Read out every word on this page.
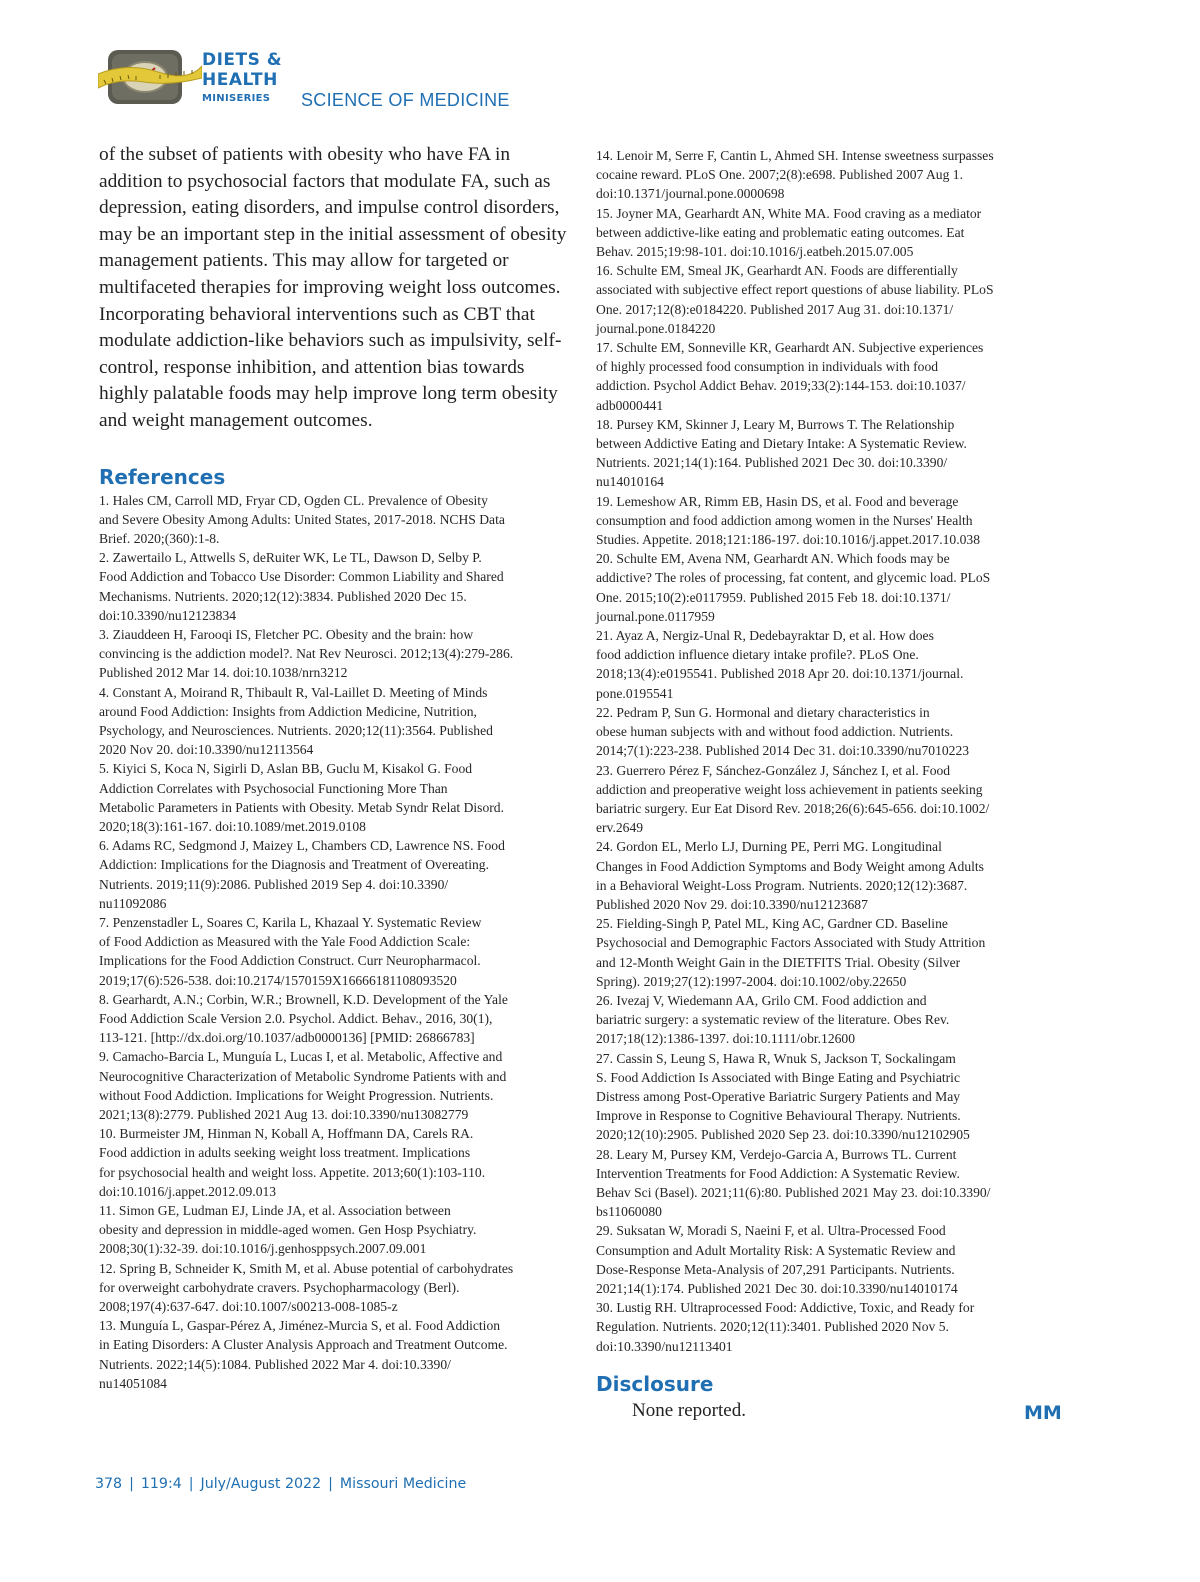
DIETS &
HEALTH
MINISERIES SCIENCE OF MEDICINE

of the subset of patients with obesity who have FA in addition to psychosocial factors that modulate FA, such as depression, eating disorders, and impulse control disorders, may be an important step in the initial assessment of obesity management patients. This may allow for targeted or multifaceted therapies for improving weight loss outcomes. Incorporating behavioral interventions such as CBT that modulate addiction-like behaviors such as impulsivity, self-control, response inhibition, and attention bias towards highly palatable foods may help improve long term obesity and weight management outcomes.

References
1. Hales CM, Carroll MD, Fryar CD, Ogden CL. Prevalence of Obesity
and Severe Obesity Among Adults: United States, 2017-2018. NCHS Data
Brief. 2020;(360):1-8.
2. Zawertailo L, Attwells S, deRuiter WK, Le TL, Dawson D, Selby P.
Food Addiction and Tobacco Use Disorder: Common Liability and Shared
Mechanisms. Nutrients. 2020;12(12):3834. Published 2020 Dec 15.
doi:10.3390/nu12123834
3. Ziauddeen H, Farooqi IS, Fletcher PC. Obesity and the brain: how
convincing is the addiction model?. Nat Rev Neurosci. 2012;13(4):279-286.
Published 2012 Mar 14. doi:10.1038/nrn3212
4. Constant A, Moirand R, Thibault R, Val-Laillet D. Meeting of Minds
around Food Addiction: Insights from Addiction Medicine, Nutrition,
Psychology, and Neurosciences. Nutrients. 2020;12(11):3564. Published
2020 Nov 20. doi:10.3390/nu12113564
5. Kiyici S, Koca N, Sigirli D, Aslan BB, Guclu M, Kisakol G. Food
Addiction Correlates with Psychosocial Functioning More Than
Metabolic Parameters in Patients with Obesity. Metab Syndr Relat Disord.
2020;18(3):161-167. doi:10.1089/met.2019.0108
6. Adams RC, Sedgmond J, Maizey L, Chambers CD, Lawrence NS. Food
Addiction: Implications for the Diagnosis and Treatment of Overeating.
Nutrients. 2019;11(9):2086. Published 2019 Sep 4. doi:10.3390/
nu11092086
7. Penzenstadler L, Soares C, Karila L, Khazaal Y. Systematic Review
of Food Addiction as Measured with the Yale Food Addiction Scale:
Implications for the Food Addiction Construct. Curr Neuropharmacol.
2019;17(6):526-538. doi:10.2174/1570159X16666181108093520
8. Gearhardt, A.N.; Corbin, W.R.; Brownell, K.D. Development of the Yale
Food Addiction Scale Version 2.0. Psychol. Addict. Behav., 2016, 30(1),
113-121. [http://dx.doi.org/10.1037/adb0000136] [PMID: 26866783]
9. Camacho-Barcia L, Munguía L, Lucas I, et al. Metabolic, Affective and
Neurocognitive Characterization of Metabolic Syndrome Patients with and
without Food Addiction. Implications for Weight Progression. Nutrients.
2021;13(8):2779. Published 2021 Aug 13. doi:10.3390/nu13082779
10. Burmeister JM, Hinman N, Koball A, Hoffmann DA, Carels RA.
Food addiction in adults seeking weight loss treatment. Implications
for psychosocial health and weight loss. Appetite. 2013;60(1):103-110.
doi:10.1016/j.appet.2012.09.013
11. Simon GE, Ludman EJ, Linde JA, et al. Association between
obesity and depression in middle-aged women. Gen Hosp Psychiatry.
2008;30(1):32-39. doi:10.1016/j.genhosppsych.2007.09.001
12. Spring B, Schneider K, Smith M, et al. Abuse potential of carbohydrates
for overweight carbohydrate cravers. Psychopharmacology (Berl).
2008;197(4):637-647. doi:10.1007/s00213-008-1085-z
13. Munguía L, Gaspar-Pérez A, Jiménez-Murcia S, et al. Food Addiction
in Eating Disorders: A Cluster Analysis Approach and Treatment Outcome.
Nutrients. 2022;14(5):1084. Published 2022 Mar 4. doi:10.3390/
nu14051084
14. Lenoir M, Serre F, Cantin L, Ahmed SH. Intense sweetness surpasses
cocaine reward. PLoS One. 2007;2(8):e698. Published 2007 Aug 1.
doi:10.1371/journal.pone.0000698
15. Joyner MA, Gearhardt AN, White MA. Food craving as a mediator
between addictive-like eating and problematic eating outcomes. Eat
Behav. 2015;19:98-101. doi:10.1016/j.eatbeh.2015.07.005
16. Schulte EM, Smeal JK, Gearhardt AN. Foods are differentially
associated with subjective effect report questions of abuse liability. PLoS
One. 2017;12(8):e0184220. Published 2017 Aug 31. doi:10.1371/
journal.pone.0184220
17. Schulte EM, Sonneville KR, Gearhardt AN. Subjective experiences
of highly processed food consumption in individuals with food
addiction. Psychol Addict Behav. 2019;33(2):144-153. doi:10.1037/
adb0000441
18. Pursey KM, Skinner J, Leary M, Burrows T. The Relationship
between Addictive Eating and Dietary Intake: A Systematic Review.
Nutrients. 2021;14(1):164. Published 2021 Dec 30. doi:10.3390/
nu14010164
19. Lemeshow AR, Rimm EB, Hasin DS, et al. Food and beverage
consumption and food addiction among women in the Nurses' Health
Studies. Appetite. 2018;121:186-197. doi:10.1016/j.appet.2017.10.038
20. Schulte EM, Avena NM, Gearhardt AN. Which foods may be
addictive? The roles of processing, fat content, and glycemic load. PLoS
One. 2015;10(2):e0117959. Published 2015 Feb 18. doi:10.1371/
journal.pone.0117959
21. Ayaz A, Nergiz-Unal R, Dedebayraktar D, et al. How does
food addiction influence dietary intake profile?. PLoS One.
2018;13(4):e0195541. Published 2018 Apr 20. doi:10.1371/journal.
pone.0195541
22. Pedram P, Sun G. Hormonal and dietary characteristics in
obese human subjects with and without food addiction. Nutrients.
2014;7(1):223-238. Published 2014 Dec 31. doi:10.3390/nu7010223
23. Guerrero Pérez F, Sánchez-González J, Sánchez I, et al. Food
addiction and preoperative weight loss achievement in patients seeking
bariatric surgery. Eur Eat Disord Rev. 2018;26(6):645-656. doi:10.1002/
erv.2649
24. Gordon EL, Merlo LJ, Durning PE, Perri MG. Longitudinal
Changes in Food Addiction Symptoms and Body Weight among Adults
in a Behavioral Weight-Loss Program. Nutrients. 2020;12(12):3687.
Published 2020 Nov 29. doi:10.3390/nu12123687
25. Fielding-Singh P, Patel ML, King AC, Gardner CD. Baseline
Psychosocial and Demographic Factors Associated with Study Attrition
and 12-Month Weight Gain in the DIETFITS Trial. Obesity (Silver
Spring). 2019;27(12):1997-2004. doi:10.1002/oby.22650
26. Ivezaj V, Wiedemann AA, Grilo CM. Food addiction and
bariatric surgery: a systematic review of the literature. Obes Rev.
2017;18(12):1386-1397. doi:10.1111/obr.12600
27. Cassin S, Leung S, Hawa R, Wnuk S, Jackson T, Sockalingam
S. Food Addiction Is Associated with Binge Eating and Psychiatric
Distress among Post-Operative Bariatric Surgery Patients and May
Improve in Response to Cognitive Behavioural Therapy. Nutrients.
2020;12(10):2905. Published 2020 Sep 23. doi:10.3390/nu12102905
28. Leary M, Pursey KM, Verdejo-Garcia A, Burrows TL. Current
Intervention Treatments for Food Addiction: A Systematic Review.
Behav Sci (Basel). 2021;11(6):80. Published 2021 May 23. doi:10.3390/
bs11060080
29. Suksatan W, Moradi S, Naeini F, et al. Ultra-Processed Food
Consumption and Adult Mortality Risk: A Systematic Review and
Dose-Response Meta-Analysis of 207,291 Participants. Nutrients.
2021;14(1):174. Published 2021 Dec 30. doi:10.3390/nu14010174
30. Lustig RH. Ultraprocessed Food: Addictive, Toxic, and Ready for
Regulation. Nutrients. 2020;12(11):3401. Published 2020 Nov 5.
doi:10.3390/nu12113401
Disclosure
None reported.	MM
378 | 119:4 | July/August 2022 | Missouri Medicine
